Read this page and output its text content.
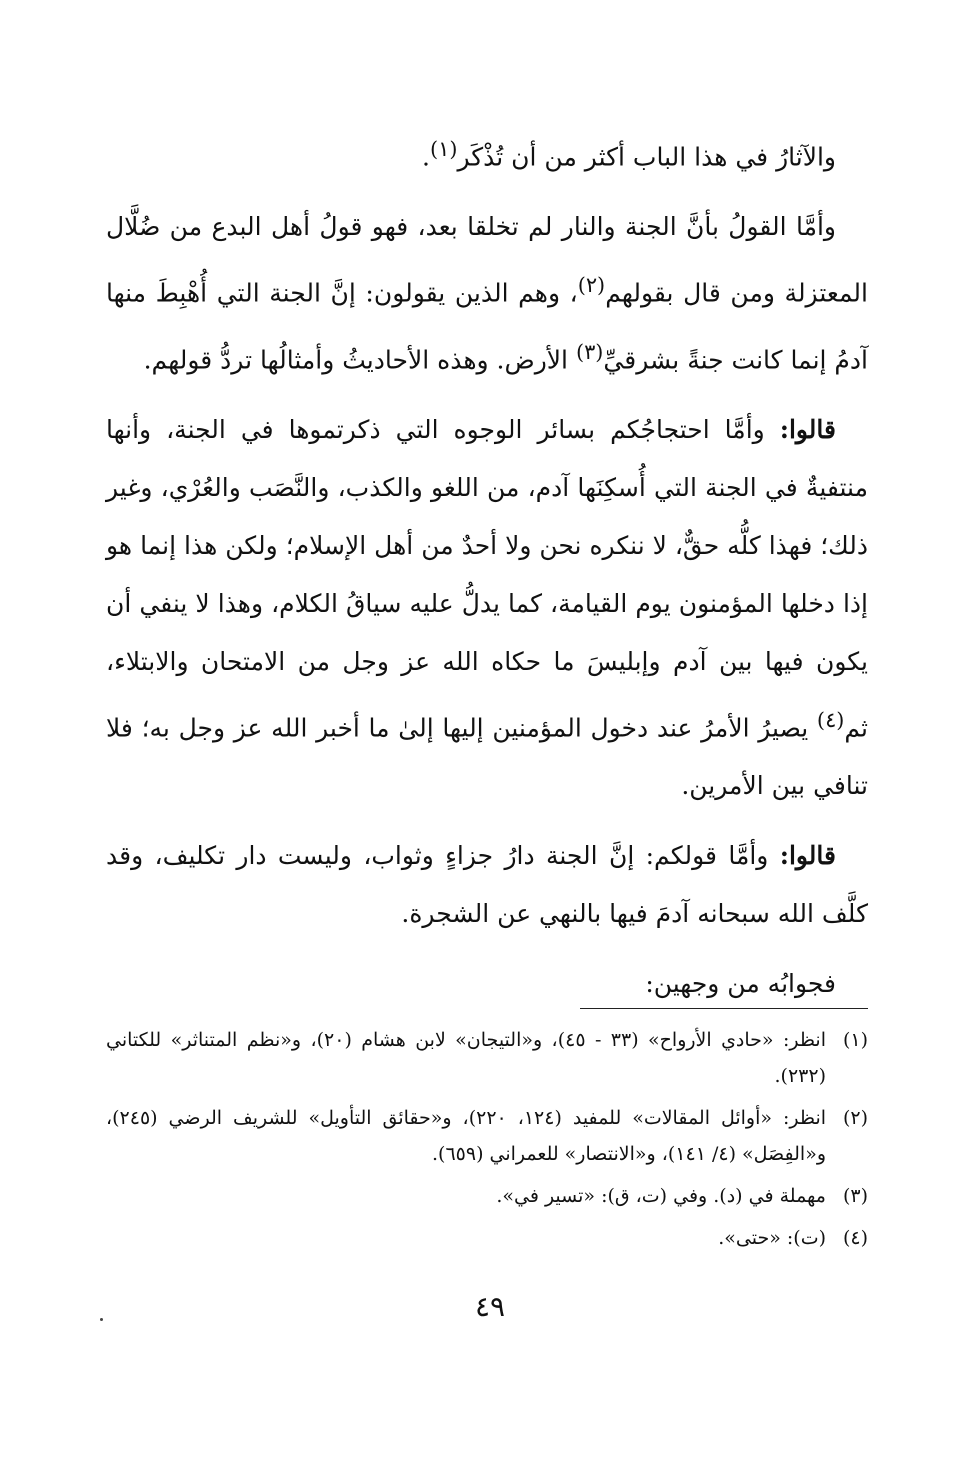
والآثارُ في هذا الباب أكثر من أن تُذْكَر$^{(١)}$.

وأمَّا القولُ بأنَّ الجنة والنار لم تخلقا بعد، فهو قولُ أهل البدع من ضُلَّال المعتزلة ومن قال بقولهم$^{(٢)}$، وهم الذين يقولون: إنَّ الجنة التي أُهْبِطَ منها آدمُ إنما كانت جنةً بشرقيِّ$^{(٣)}$ الأرض. وهذه الأحاديثُ وأمثالُها تردُّ قولهم.

قالوا: وأمَّا احتجاجُكم بسائر الوجوه التي ذكرتموها في الجنة، وأنها منتفيةٌ في الجنة التي أُسكِنَها آدم، من اللغو والكذب، والنَّصَب والعُرْي، وغير ذلك؛ فهذا كلُّه حقٌّ، لا ننكره نحن ولا أحدٌ من أهل الإسلام؛ ولكن هذا إنما هو إذا دخلها المؤمنون يوم القيامة، كما يدلُّ عليه سياقُ الكلام، وهذا لا ينفي أن يكون فيها بين آدم وإبليسَ ما حكاه الله عز وجل من الامتحان والابتلاء، ثم$^{(٤)}$ يصيرُ الأمرُ عند دخول المؤمنين إليها إلىٰ ما أخبر الله عز وجل به؛ فلا تنافي بين الأمرين.

قالوا: وأمَّا قولكم: إنَّ الجنة دارُ جزاءٍ وثواب، وليست دار تكليف، وقد كلَّف الله سبحانه آدمَ فيها بالنهي عن الشجرة.

فجوابُه من وجهين:

(١)
انظر: «حادي الأرواح» (٣٣ - ٤٥)، و«التيجان» لابن هشام (٢٠)، و«نظم المتناثر» للكتاني (٢٣٢).
(٢)
انظر: «أوائل المقالات» للمفيد (١٢٤، ٢٢٠)، و«حقائق التأويل» للشريف الرضي (٢٤٥)، و«الفِصَل» (٤/ ١٤١)، و«الانتصار» للعمراني (٦٥٩).
(٣)
مهملة في (د). وفي (ت، ق): «تسير في».
(٤)
(ت): «حتى».
٤٩
